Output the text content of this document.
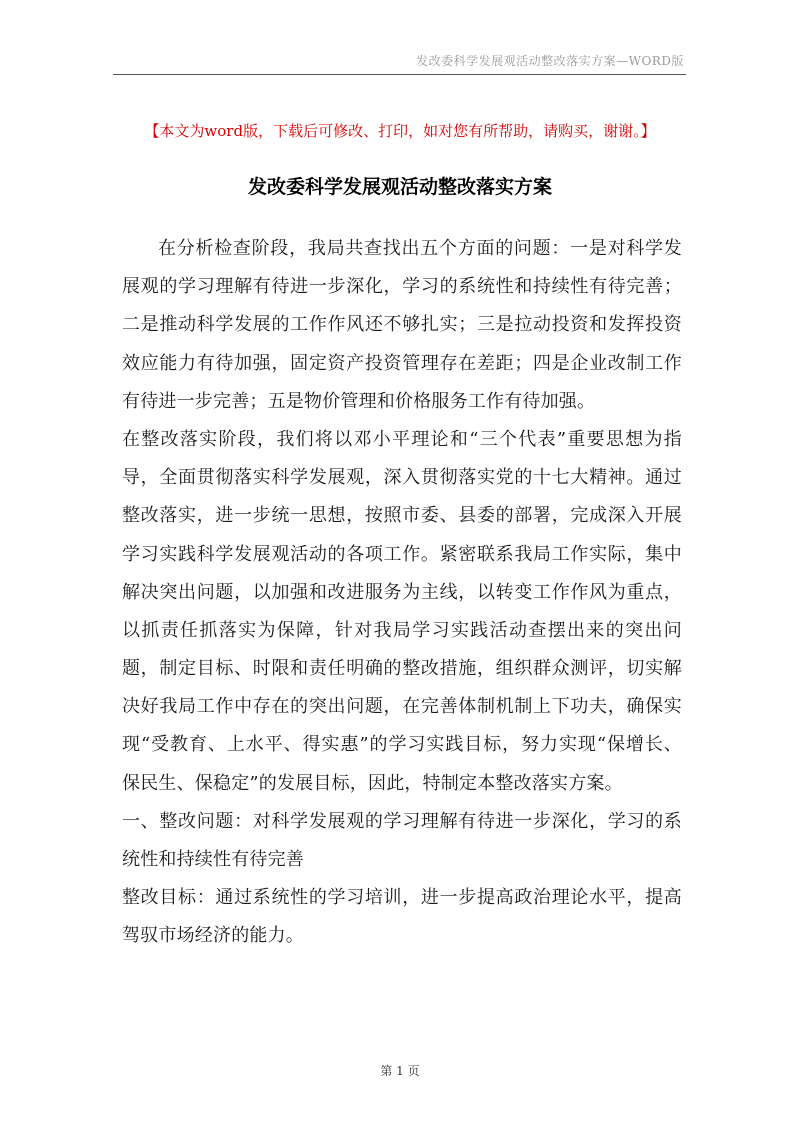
发改委科学发展观活动整改落实方案—WORD版
【本文为word版，下载后可修改、打印，如对您有所帮助，请购买，谢谢。】
发改委科学发展观活动整改落实方案
在分析检查阶段，我局共查找出五个方面的问题：一是对科学发
展观的学习理解有待进一步深化，学习的系统性和持续性有待完善；
二是推动科学发展的工作作风还不够扎实；三是拉动投资和发挥投资
效应能力有待加强，固定资产投资管理存在差距；四是企业改制工作
有待进一步完善；五是物价管理和价格服务工作有待加强。
在整改落实阶段，我们将以邓小平理论和“三个代表”重要思想为指
导，全面贯彻落实科学发展观，深入贯彻落实党的十七大精神。通过
整改落实，进一步统一思想，按照市委、县委的部署，完成深入开展
学习实践科学发展观活动的各项工作。紧密联系我局工作实际，集中
解决突出问题，以加强和改进服务为主线，以转变工作作风为重点，
以抓责任抓落实为保障，针对我局学习实践活动查摆出来的突出问
题，制定目标、时限和责任明确的整改措施，组织群众测评，切实解
决好我局工作中存在的突出问题，在完善体制机制上下功夫，确保实
现“受教育、上水平、得实惠”的学习实践目标，努力实现“保增长、
保民生、保稳定”的发展目标，因此，特制定本整改落实方案。
一、整改问题：对科学发展观的学习理解有待进一步深化，学习的系
统性和持续性有待完善
整改目标：通过系统性的学习培训，进一步提高政治理论水平，提高
驾驭市场经济的能力。
第 1 页
